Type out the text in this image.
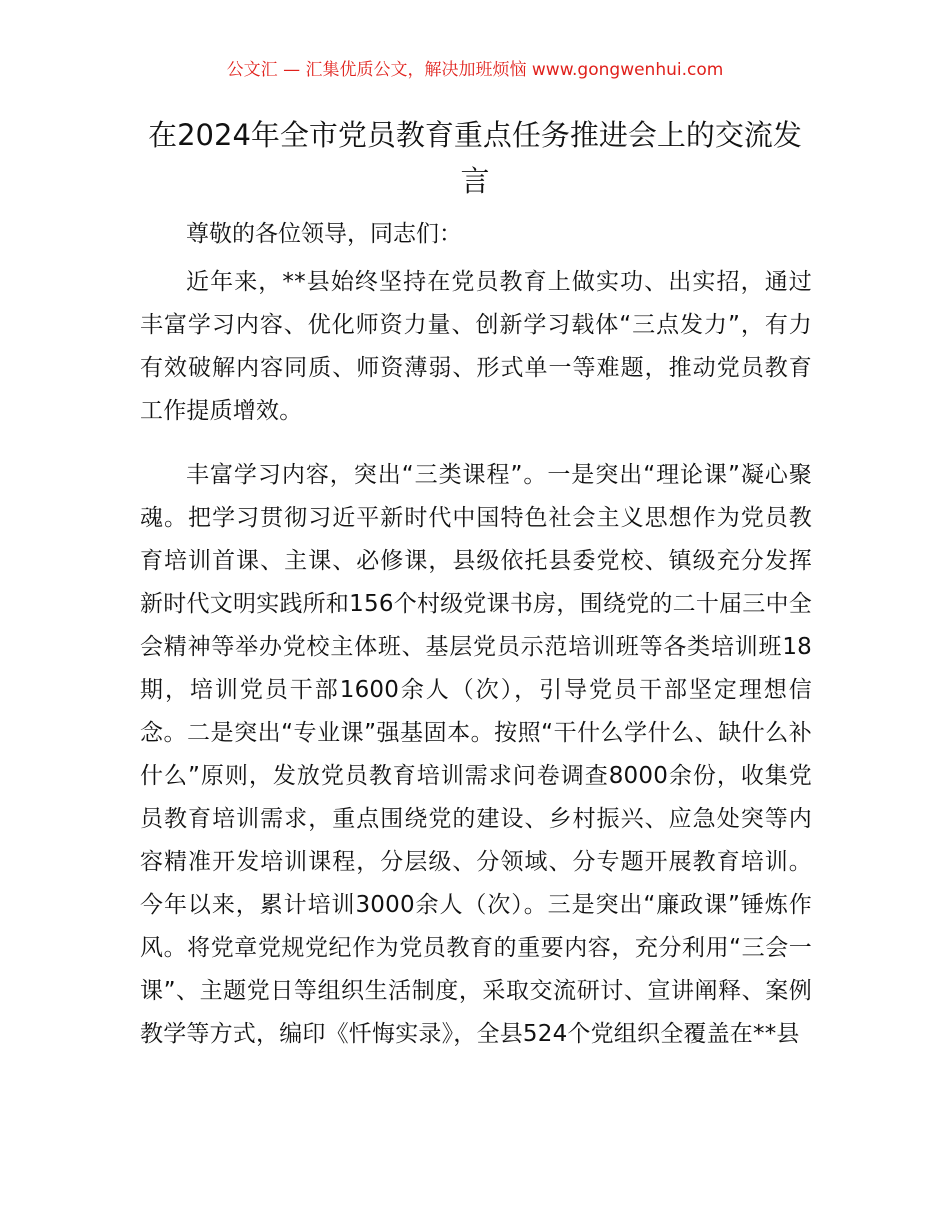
公文汇 — 汇集优质公文，解决加班烦恼 www.gongwenhui.com
在2024年全市党员教育重点任务推进会上的交流发言

尊敬的各位领导，同志们：

近年来，**县始终坚持在党员教育上做实功、出实招，通过丰富学习内容、优化师资力量、创新学习载体“三点发力”，有力有效破解内容同质、师资薄弱、形式单一等难题，推动党员教育工作提质增效。

丰富学习内容，突出“三类课程”。一是突出“理论课”凝心聚魂。把学习贯彻习近平新时代中国特色社会主义思想作为党员教育培训首课、主课、必修课，县级依托县委党校、镇级充分发挥新时代文明实践所和156个村级党课书房，围绕党的二十届三中全会精神等举办党校主体班、基层党员示范培训班等各类培训班18期，培训党员干部1600余人（次），引导党员干部坚定理想信念。二是突出“专业课”强基固本。按照“干什么学什么、缺什么补什么”原则，发放党员教育培训需求问卷调查8000余份，收集党员教育培训需求，重点围绕党的建设、乡村振兴、应急处突等内容精准开发培训课程，分层级、分领域、分专题开展教育培训。今年以来，累计培训3000余人（次）。三是突出“廉政课”锤炼作风。将党章党规党纪作为党员教育的重要内容，充分利用“三会一课”、主题党日等组织生活制度，采取交流研讨、宣讲阐释、案例教学等方式，编印《忏悔实录》，全县524个党组织全覆盖在**县
